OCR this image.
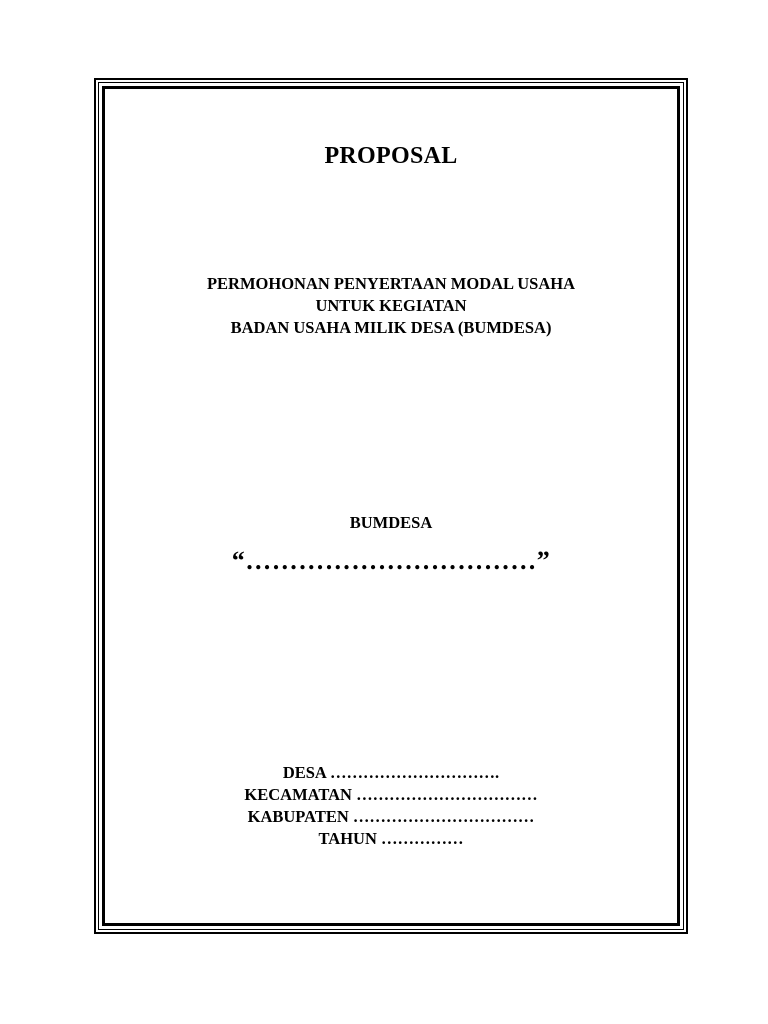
PROPOSAL
PERMOHONAN PENYERTAAN MODAL USAHA
UNTUK KEGIATAN
BADAN USAHA MILIK DESA (BUMDESA)
BUMDESA
“……………………………”
DESA ………………………….
KECAMATAN ……………………………
KABUPATEN ……………………………
TAHUN ……………
